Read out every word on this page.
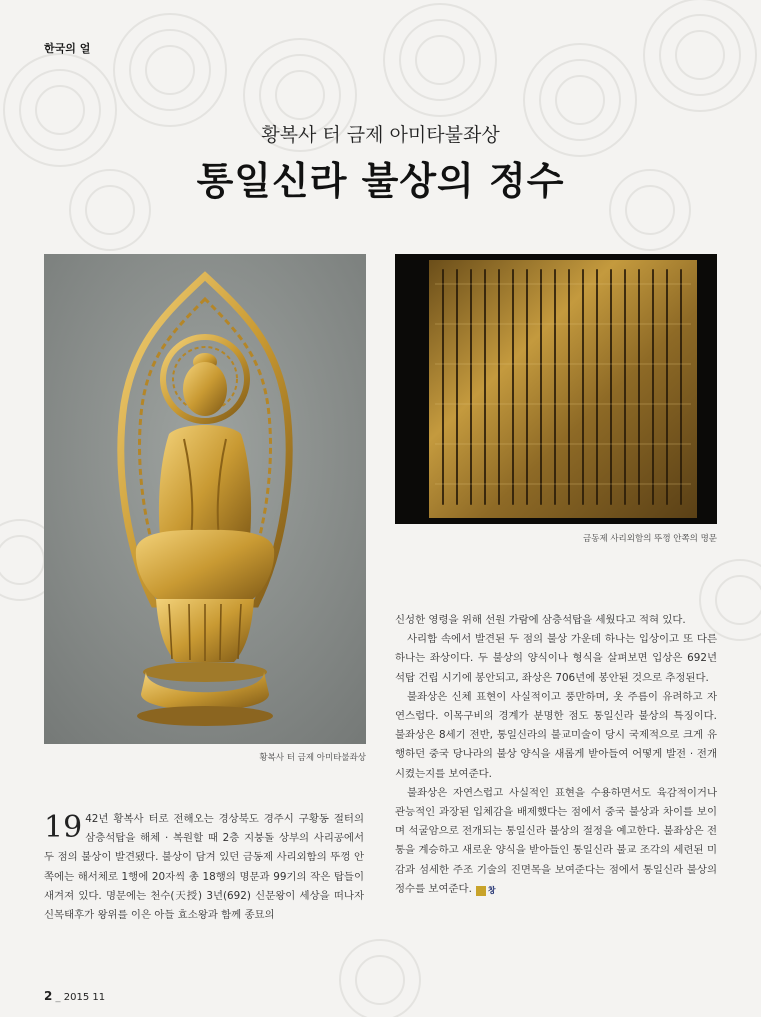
한국의 얼
황복사 터 금제 아미타불좌상
통일신라 불상의 정수
황복사 터 금제 아미타불좌상
금동제 사리외함의 뚜껑 안쪽의 명문

19 42년 황복사 터로 전해오는 경상북도 경주시 구황동 절터의 삼층석탑을 해체 · 복원할 때 2층 지붕돌 상부의 사리공에서 두 점의 불상이 발견됐다. 불상이 담겨 있던 금동제 사리외함의 뚜껑 안쪽에는 해서체로 1행에 20자씩 총 18행의 명문과 99기의 작은 탑들이 새겨져 있다. 명문에는 천수(天授) 3년(692) 신문왕이 세상을 떠나자 신목태후가 왕위를 이은 아들 효소왕과 함께 종묘의

신성한 영령을 위해 선원 가람에 삼층석탑을 세웠다고 적혀 있다.

사리함 속에서 발견된 두 점의 불상 가운데 하나는 입상이고 또 다른 하나는 좌상이다. 두 불상의 양식이나 형식을 살펴보면 입상은 692년 석탑 건립 시기에 봉안되고, 좌상은 706년에 봉안된 것으로 추정된다.

불좌상은 신체 표현이 사실적이고 풍만하며, 옷 주름이 유려하고 자연스럽다. 이목구비의 경계가 분명한 점도 통일신라 불상의 특징이다. 불좌상은 8세기 전반, 통일신라의 불교미술이 당시 국제적으로 크게 유행하던 중국 당나라의 불상 양식을 새롭게 받아들여 어떻게 발전 · 전개시켰는지를 보여준다.

불좌상은 자연스럽고 사실적인 표현을 수용하면서도 육감적이거나 관능적인 과장된 입체감을 배제했다는 점에서 중국 불상과 차이를 보이며 석굴암으로 전개되는 통일신라 불상의 절정을 예고한다. 불좌상은 전통을 계승하고 새로운 양식을 받아들인 통일신라 불교 조각의 세련된 미감과 섬세한 주조 기술의 진면목을 보여준다는 점에서 통일신라 불상의 정수를 보여준다. 창

2 _ 2015 11
